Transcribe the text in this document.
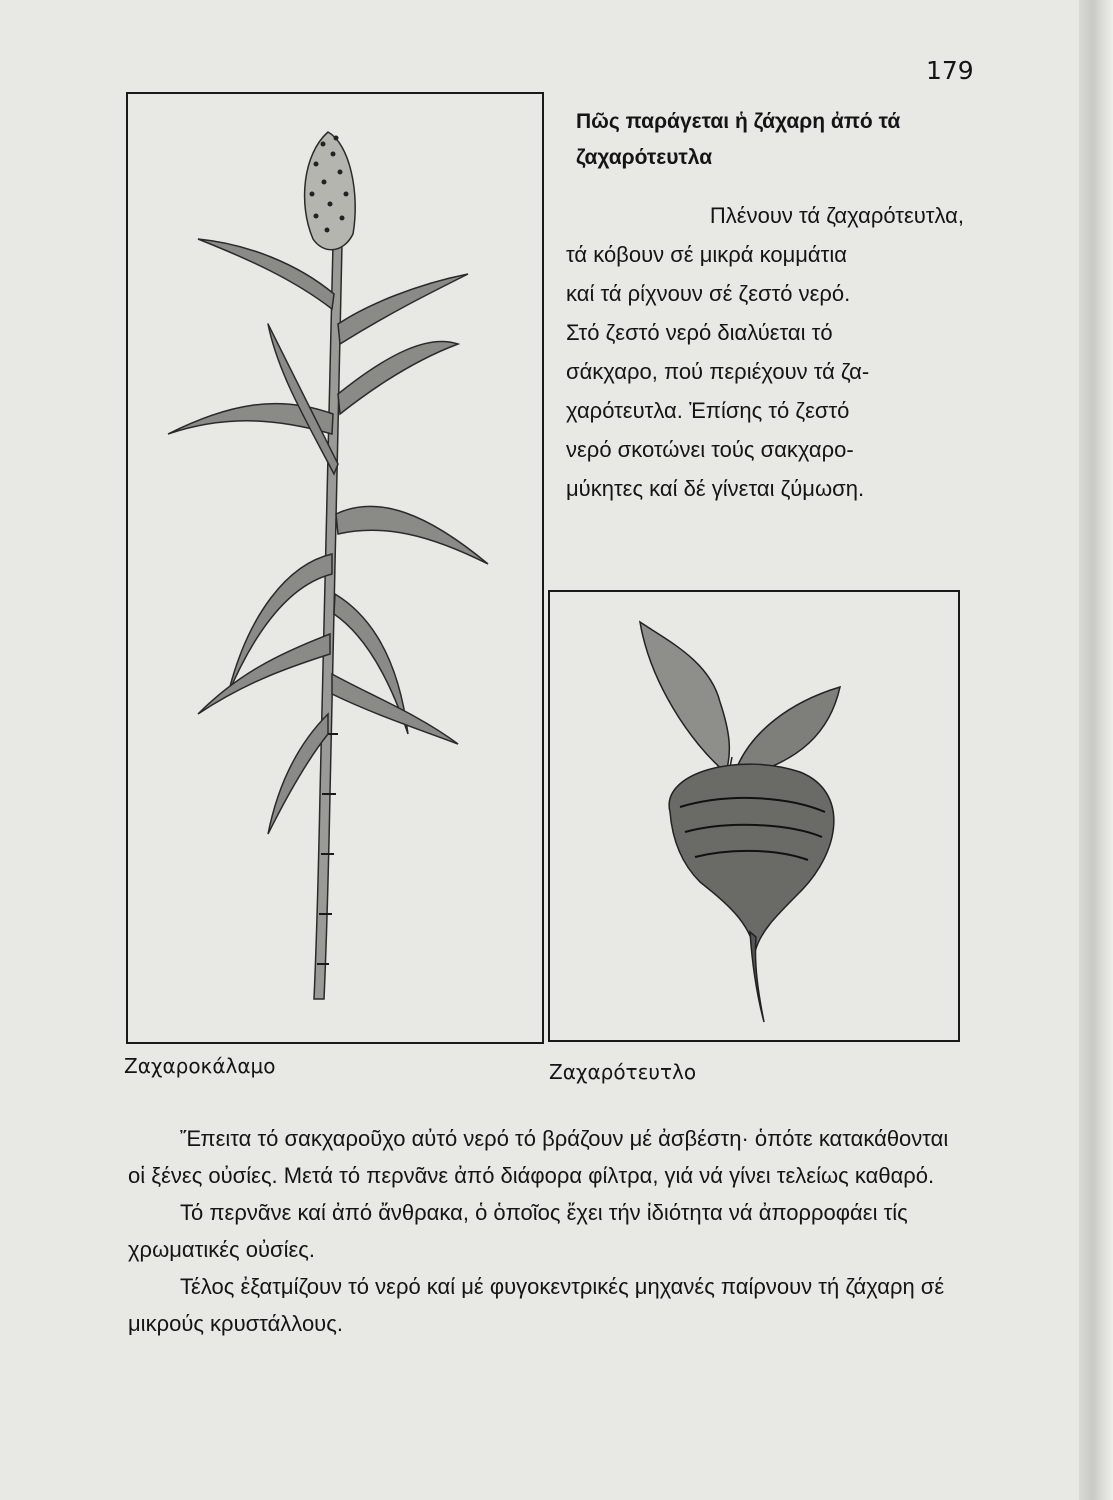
179
Ζαχαροκάλαμο	Ζαχαρότευτλο
Πῶς παράγεται ἡ ζάχαρη ἀπό τά
ζαχαρότευτλα
Πλένουν τά ζαχαρότευτλα,
τά κόβουν σέ μικρά κομμάτια
καί τά ρίχνουν σέ ζεστό νερό.
Στό ζεστό νερό διαλύεται τό
σάκχαρο, πού περιέχουν τά ζα-
χαρότευτλα. Ἐπίσης τό ζεστό
νερό σκοτώνει τούς σακχαρο-
μύκητες καί δέ γίνεται ζύμωση.

Ἔπειτα τό σακχαροῦχο αὐτό νερό τό βράζουν μέ ἀσβέστη· ὁπότε κατακάθονται οἱ ξένες οὐσίες. Μετά τό περνᾶνε ἀπό διάφορα φίλτρα, γιά νά γίνει τελείως καθαρό.

Τό περνᾶνε καί ἀπό ἄνθρακα, ὁ ὁποῖος ἔχει τήν ἰδιότητα νά ἀπορροφάει τίς χρωματικές οὐσίες.

Τέλος ἐξατμίζουν τό νερό καί μέ φυγοκεντρικές μηχανές παίρνουν τή ζάχαρη σέ μικρούς κρυστάλλους.
